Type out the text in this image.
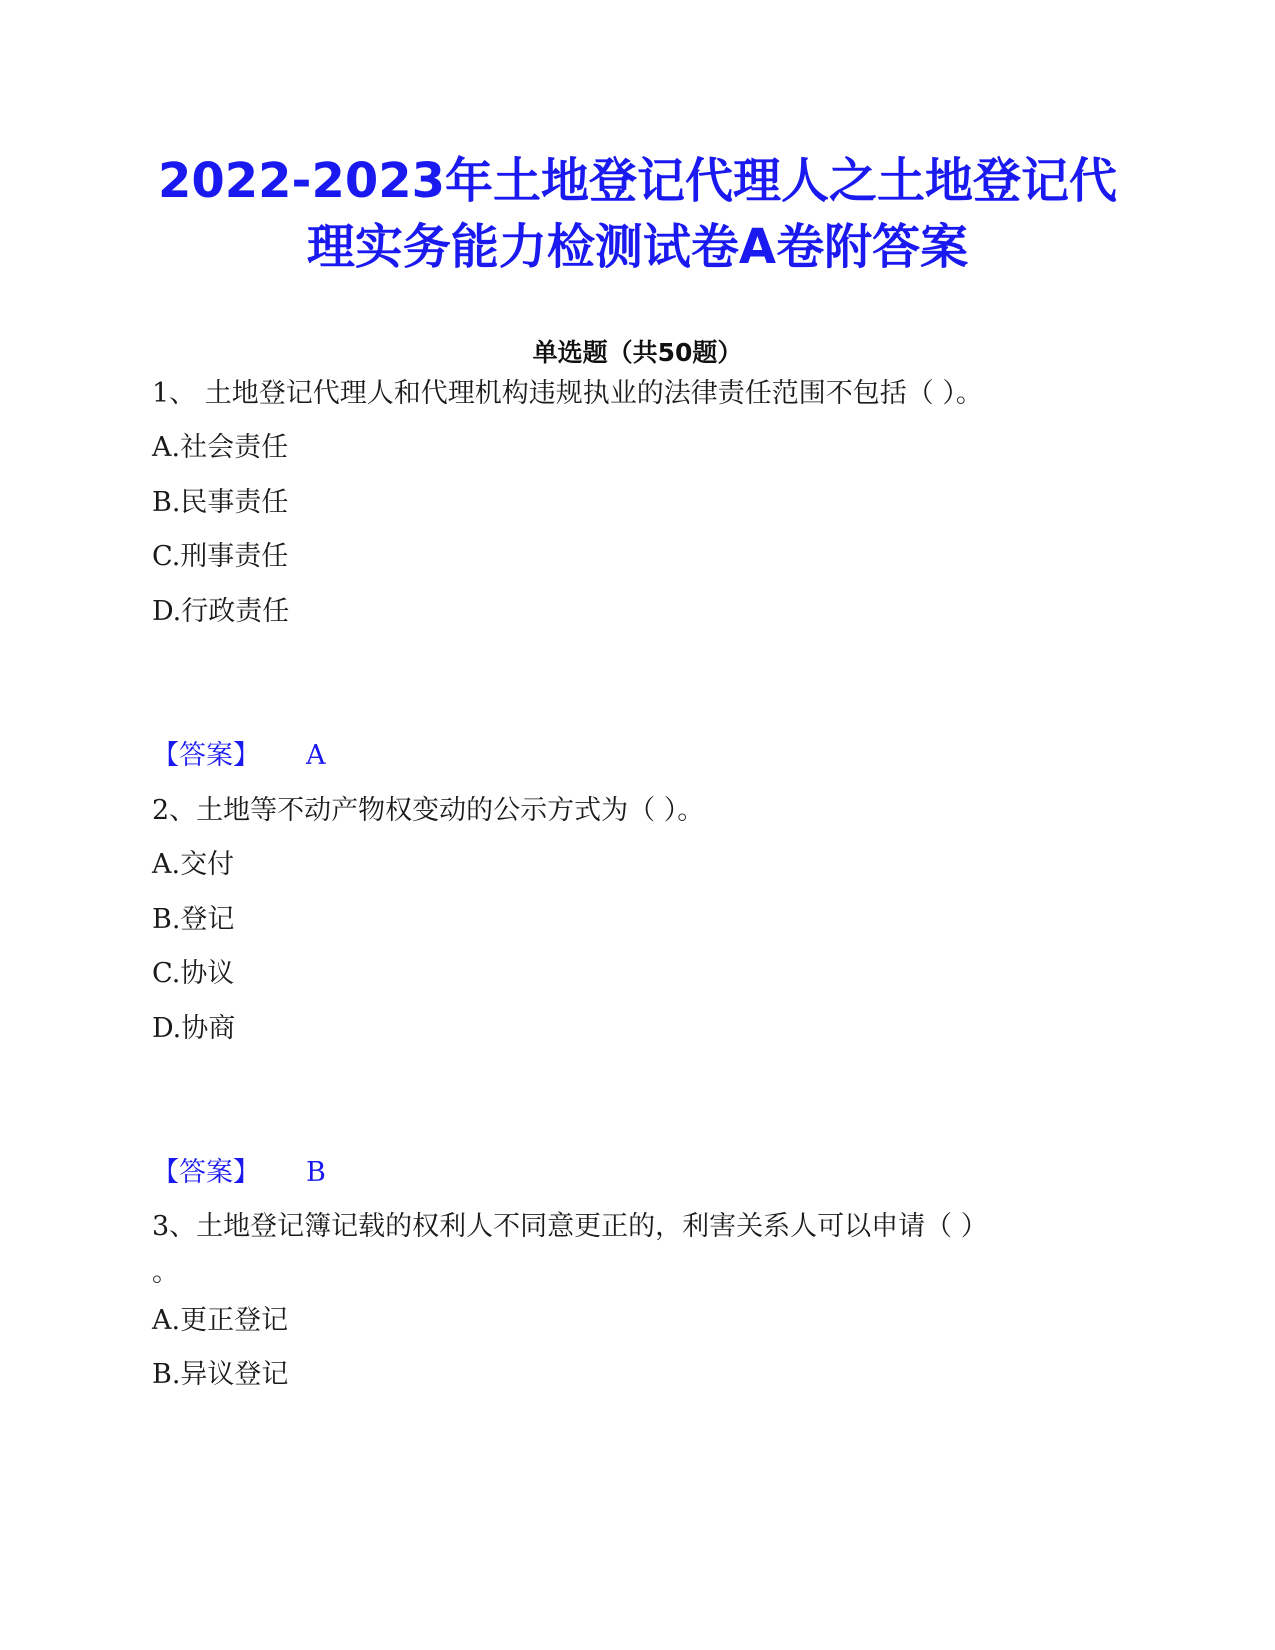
2022-2023年土地登记代理人之土地登记代
理实务能力检测试卷A卷附答案
单选题（共50题）
1、 土地登记代理人和代理机构违规执业的法律责任范围不包括（ ）。
A.社会责任
B.民事责任
C.刑事责任
D.行政责任
【答案】 A
2、土地等不动产物权变动的公示方式为（ ）。
A.交付
B.登记
C.协议
D.协商
【答案】 B
3、土地登记簿记载的权利人不同意更正的，利害关系人可以申请（ ）
。
A.更正登记
B.异议登记
